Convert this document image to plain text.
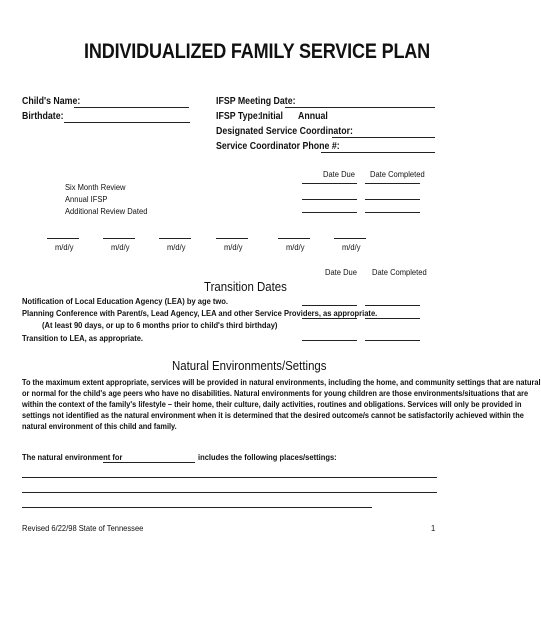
INDIVIDUALIZED FAMILY SERVICE PLAN
Child's Name:
Birthdate:
IFSP Meeting Date:
IFSP Type: Initial Annual
Designated Service Coordinator:
Service Coordinator Phone #:
Date Due Date Completed
Six Month Review
Annual IFSP
Additional Review Dated
m/d/y	m/d/y	m/d/y	m/d/y	m/d/y	m/d/y
Date Due Date Completed
Transition Dates
Notification of Local Education Agency (LEA) by age two.
Planning Conference with Parent/s, Lead Agency, LEA and other Service Providers, as appropriate.
(At least 90 days, or up to 6 months prior to child's third birthday)
Transition to LEA, as appropriate.
Natural Environments/Settings
To the maximum extent appropriate, services will be provided in natural environments, including the home, and community settings that are natural
or normal for the child's age peers who have no disabilities. Natural environments for young children are those environments/situations that are
within the context of the family's lifestyle – their home, their culture, daily activities, routines and obligations. Services will only be provided in
settings not identified as the natural environment when it is determined that the desired outcome/s cannot be satisfactorily achieved within the
natural environment of this child and family.
The natural environment for	includes the following places/settings:
Revised 6/22/98 State of Tennessee	1
